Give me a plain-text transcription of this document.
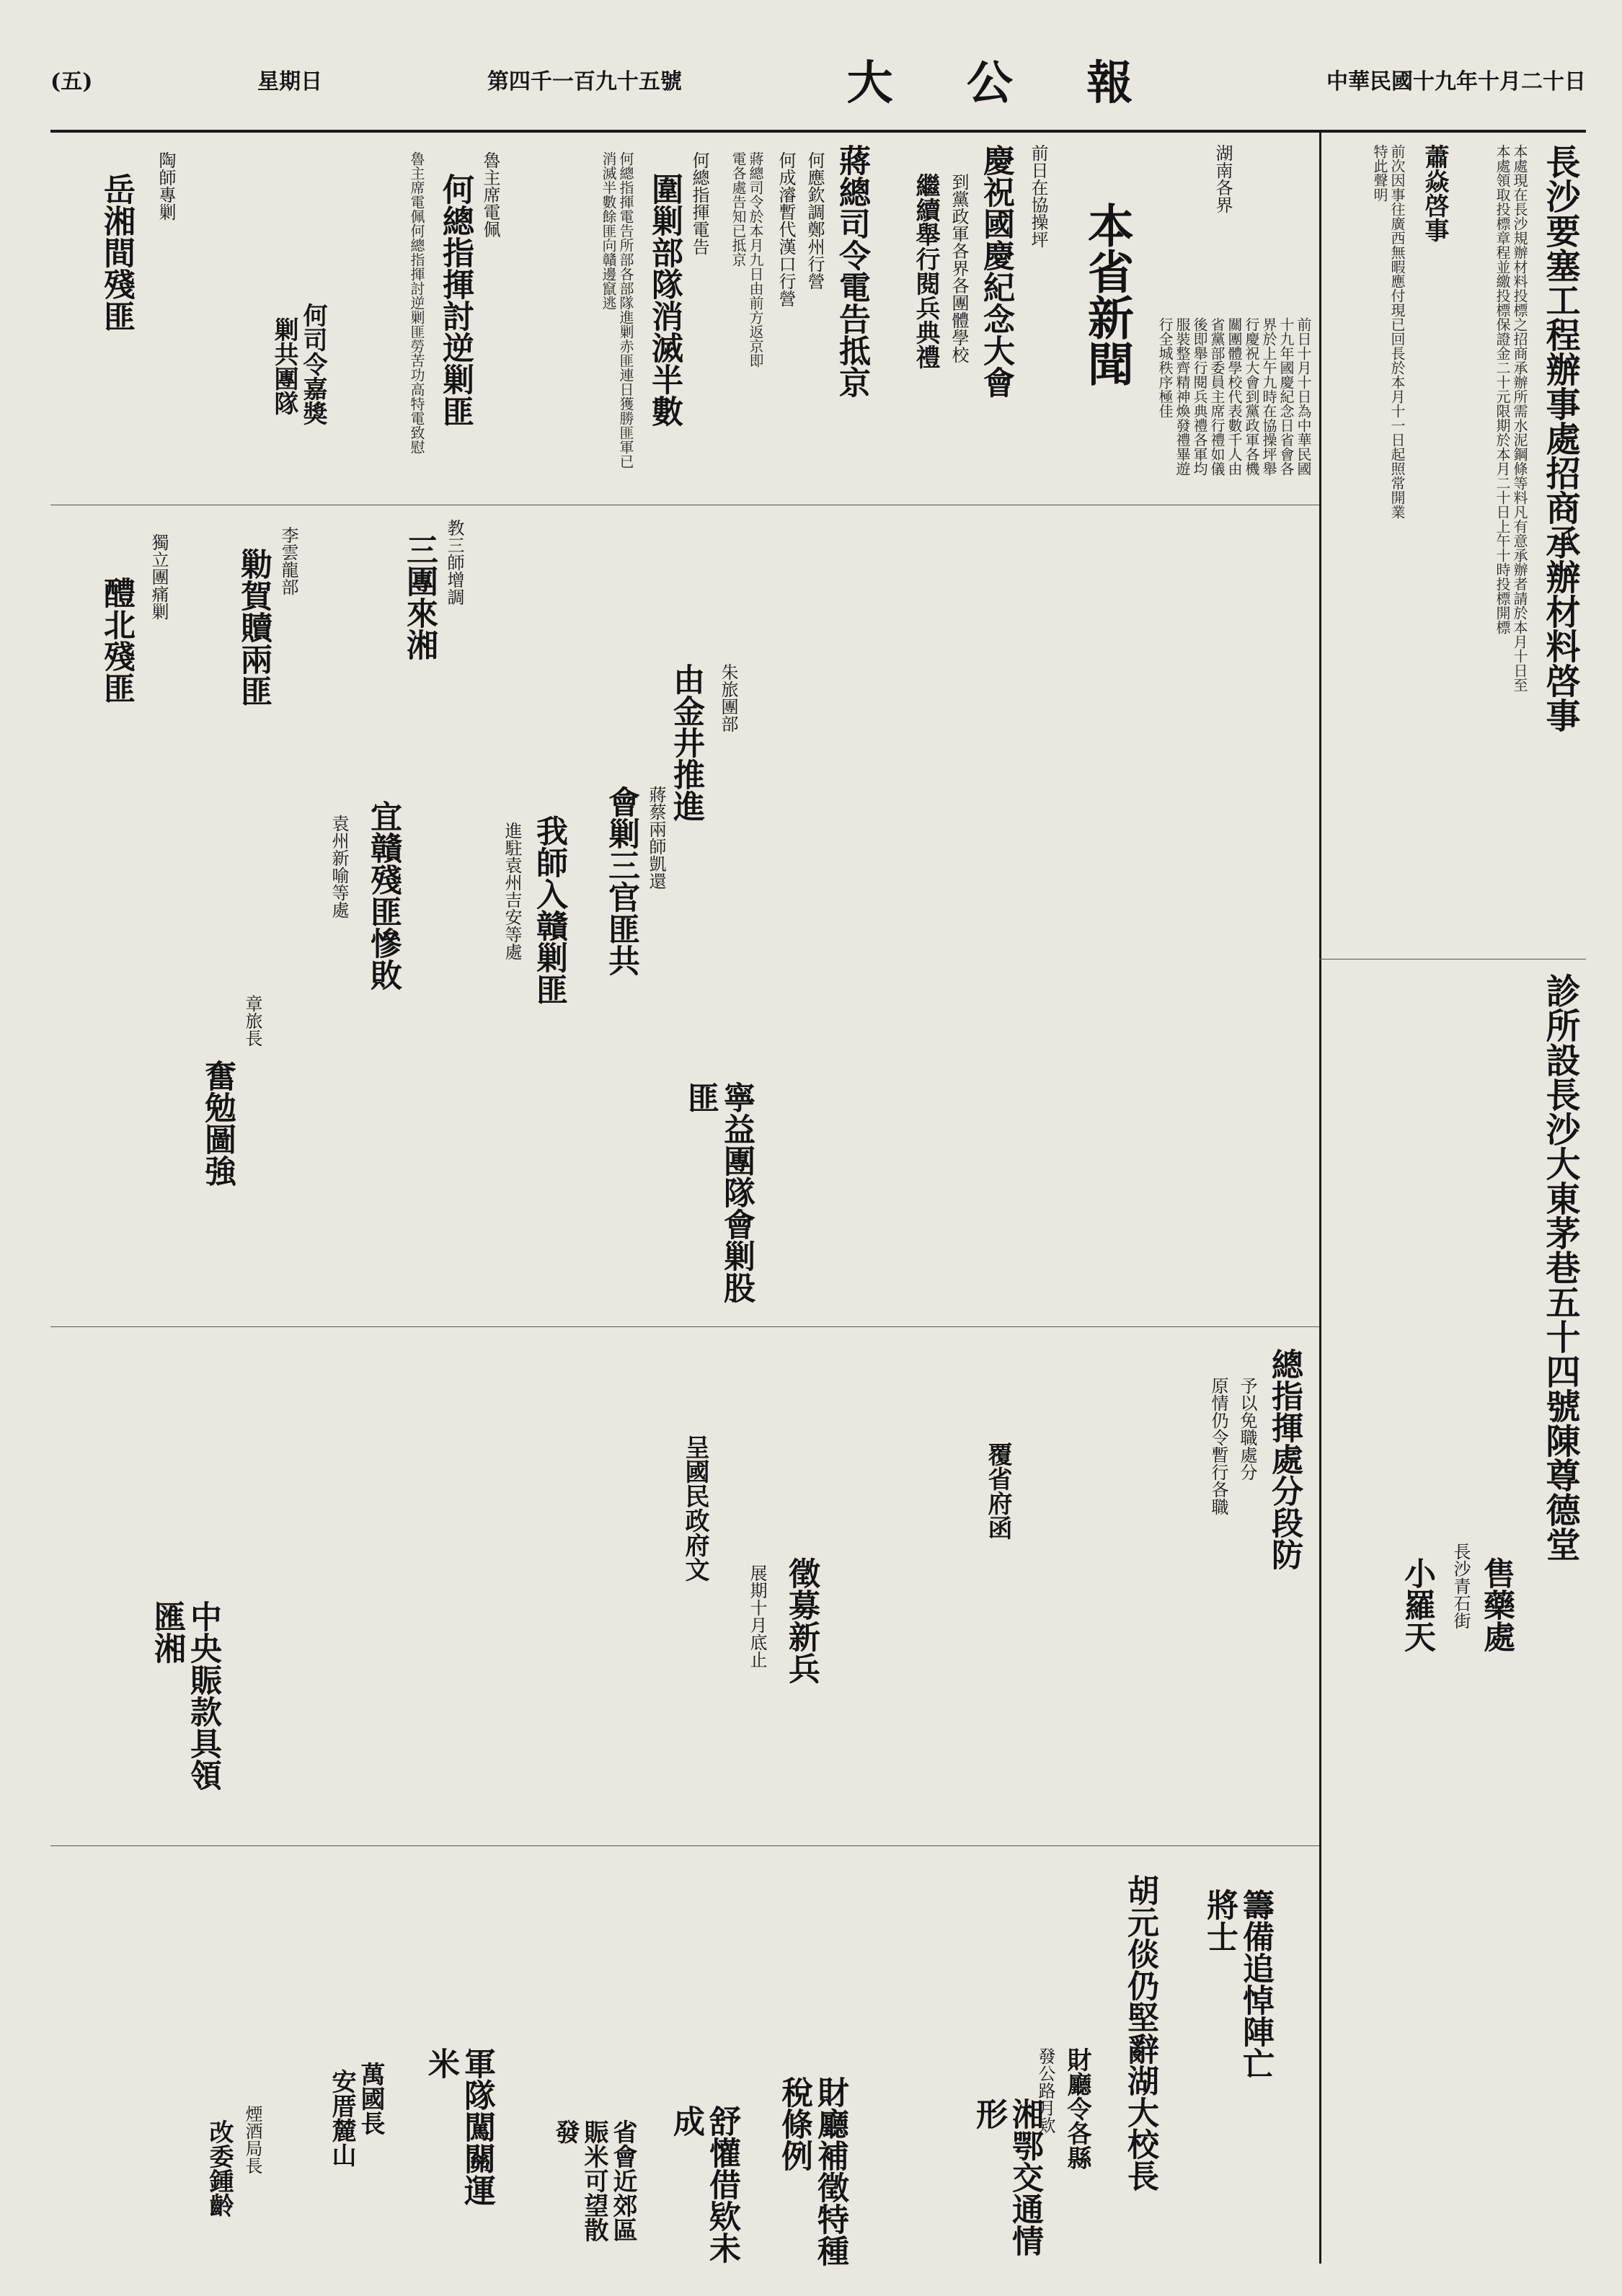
(五)	星期日	第四千一百九十五號	大 公 報	中華民國十九年十月二十日
長沙要塞工程辦事處招商承辦材料啓事
本處現在長沙規辦材料投標之招商承辦所需水泥鋼條等料凡有意承辦者請於本月十日至本處領取投標章程並繳投標保證金二十元限期於本月二十日上午十時投標開標
蕭焱啓事
前次因事往廣西無暇應付現已回長於本月十一日起照常開業特此聲明
診所設長沙大東茅巷五十四號陳尊德堂
售藥處
長沙青石街
小羅天
湖南各界
本省新聞
前日在協操坪
慶祝國慶紀念大會
到黨政軍各界各團體學校
繼續舉行閱兵典禮
前日十月十日為中華民國十九年國慶紀念日省會各界於上午九時在協操坪舉行慶祝大會到黨政軍各機關團體學校代表數千人由省黨部委員主席行禮如儀後即舉行閱兵典禮各軍均服裝整齊精神煥發禮畢遊行全城秩序極佳
蔣總司令電告抵京
何應欽調鄭州行營
何成濬暫代漢口行營
蔣總司令於本月九日由前方返京即電各處告知已抵京
何總指揮電告
圍剿部隊消滅半數
何總指揮電告所部各部隊進剿赤匪連日獲勝匪軍已消滅半數餘匪向贛邊竄逃
魯主席電佩
何總指揮討逆剿匪
魯主席電佩何總指揮討逆剿匪勞苦功高特電致慰
何司令嘉獎
剿共團隊
陶師專剿
岳湘間殘匪
三團來湘 教三師增調
勦賀贖兩匪 李雲龍部
醴北殘匪 獨立團痛剿
由金井推進 朱旅團部
會剿三官匪共 蔣蔡兩師凱還
我師入贛剿匪
進駐袁州吉安等處
宜贛殘匪慘敗
袁州新喻等處
奮勉圖強
章旅長
寧益團隊會剿股匪
總指揮處分段防
予以免職處分
原情仍令暫行各職
覆省府函
徵募新兵
展期十月底止
呈國民政府文
中央賑款具領匯湘
胡元倓仍堅辭湖大校長 籌備追悼陣亡將士
財廳令各縣
發公路月欵
財廳補徵特種稅條例
軍隊闖關運米
萬國長
安厝麓山	湘鄂交通情形
舒懽借欵未成
省會近郊區
賑米可望散發
煙酒局長
改委鍾齡
